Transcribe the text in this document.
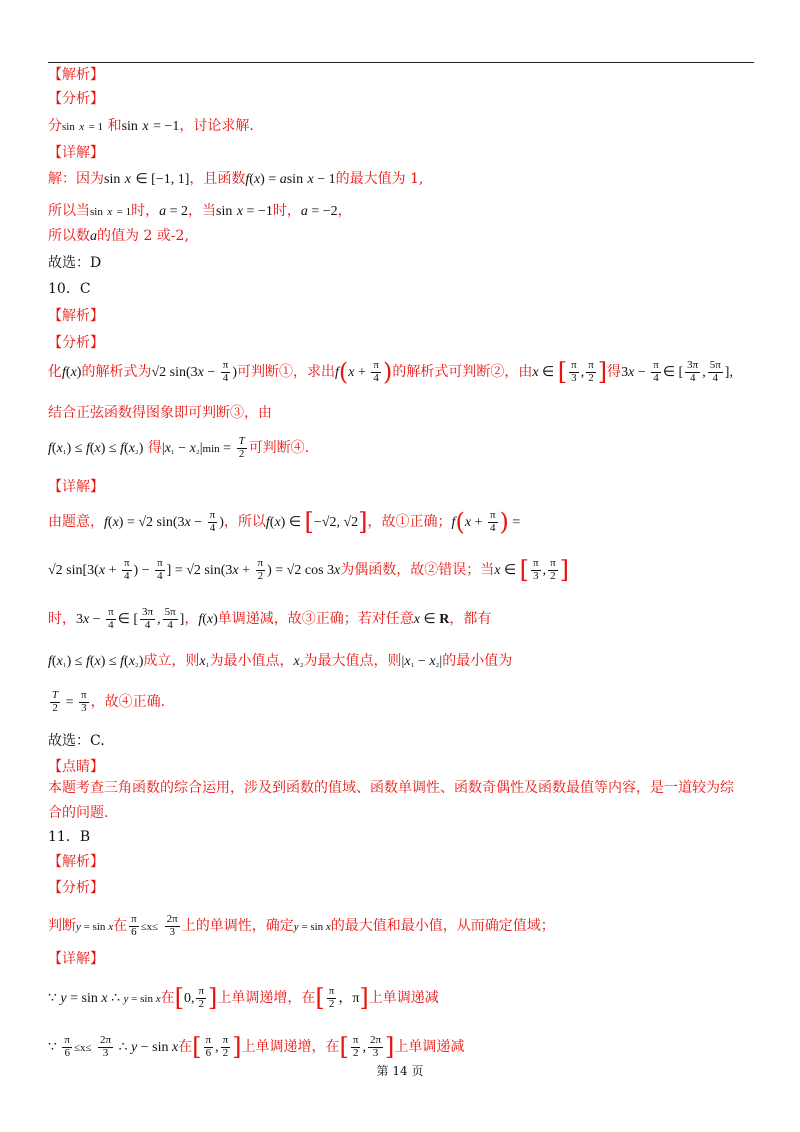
【解析】
【分析】
分sin x = 1 和sin x = −1，讨论求解.
【详解】
解：因为sin x ∈ [−1, 1]，且函数f(x) = asin x − 1的最大值为 1,
所以当sin x = 1时，a = 2，当sin x = −1时，a = −2，
所以数a的值为 2 或-2,
故选：D
10．C
【解析】
【分析】
化f(x)的解析式为√2 $\sin(3x - \frac{\pi}{4}$ )可判断①，求出$f(x + \frac{\pi}{4}$ )的解析式可判断②，由x ∈ [ $\frac{\pi}{3}$ , $\frac{\pi}{2}$ ]得$3x - \frac{\pi}{4}$ ∈ [ $\frac{3\pi}{4}$ , $\frac{5\pi}{4}$ ],
结合正弦函数得图象即可判断③，由
f(x₁) ≤ f(x) ≤ f(x₂) 得$|x_1 - x_2|\min = \frac{T}{2}$ 可判断④.
【详解】
由题意，f(x) = √2 $\sin(3x - \frac{\pi}{4}$ )，所以f(x) ∈ [−√2, √2]，故①正确；$f(x + \frac{\pi}{4}$ ) =
√2 $\sin[3(x + \frac{\pi}{4}$ ) − $\frac{\pi}{4}$ ] = √2 $\sin(3x + \frac{\pi}{2}$ ) = √2 cos 3x为偶函数，故②错误；当x ∈ [ $\frac{\pi}{3}$ , $\frac{\pi}{2}$ ]
时，$3x - \frac{\pi}{4}$ ∈ [ $\frac{3\pi}{4}$ , $\frac{5\pi}{4}$ ]，f(x)单调递减，故③正确；若对任意x ∈ R，都有
f(x₁) ≤ f(x) ≤ f(x₂)成立，则x₁为最小值点，x₂为最大值点，则|x₁ − x₂|的最小值为
$\frac{T}{2} = \frac{\pi}{3}$ ，故④正确.
故选：C.
【点睛】
本题考查三角函数的综合运用，涉及到函数的值域、函数单调性、函数奇偶性及函数最值等内容，是一道较为综
合的问题.
11．B
【解析】
【分析】
判断y = sin x在 $\frac{\pi}{6} \le x\le \frac{2\pi}{3}$ 上的单调性，确定y = sin x的最大值和最小值，从而确定值域；
【详解】
∵ y = sin x ∴ y = sin x在[0, $\frac{\pi}{2}$ ]上单调递增，在[ $\frac{\pi}{2}$ ，π]上单调递减
∵ $\frac{\pi}{6} \le x\le \frac{2\pi}{3}$ ∴ y − sin x在[ $\frac{\pi}{6}$ , $\frac{\pi}{2}$ ]上单调递增，在[ $\frac{\pi}{2}$ , $\frac{2\pi}{3}$ ]上单调递减
第 14 页
